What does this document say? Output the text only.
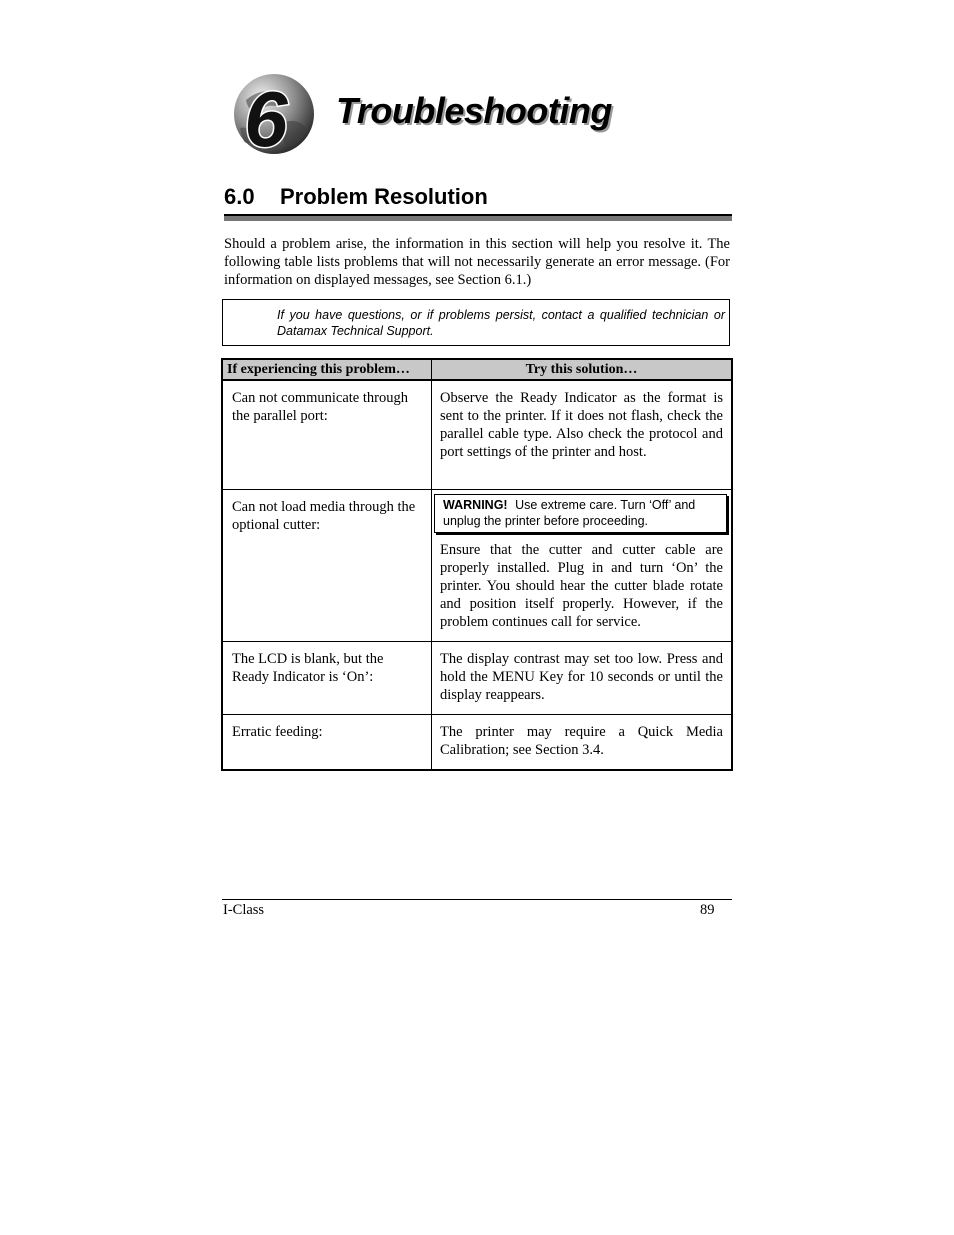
6 Troubleshooting
6.0 Problem Resolution

Should a problem arise, the information in this section will help you resolve it. The following table lists problems that will not necessarily generate an error message. (For information on displayed messages, see Section 6.1.)

If you have questions, or if problems persist, contact a qualified technician or Datamax Technical Support.
If experiencing this problem…	Try this solution…
Can not communicate through the parallel port:	Observe the Ready Indicator as the format is sent to the printer. If it does not flash, check the parallel cable type. Also check the protocol and port settings of the printer and host.
Can not load media through the optional cutter:	WARNING! Use extreme care. Turn ‘Off’ and unplug the printer before proceeding.
Ensure that the cutter and cutter cable are properly installed. Plug in and turn ‘On’ the printer. You should hear the cutter blade rotate and position itself properly. However, if the problem continues call for service.

The LCD is blank, but the Ready Indicator is ‘On’:	The display contrast may set too low. Press and hold the MENU Key for 10 seconds or until the display reappears.
Erratic feeding:	The printer may require a Quick Media Calibration; see Section 3.4.
I-Class	89
